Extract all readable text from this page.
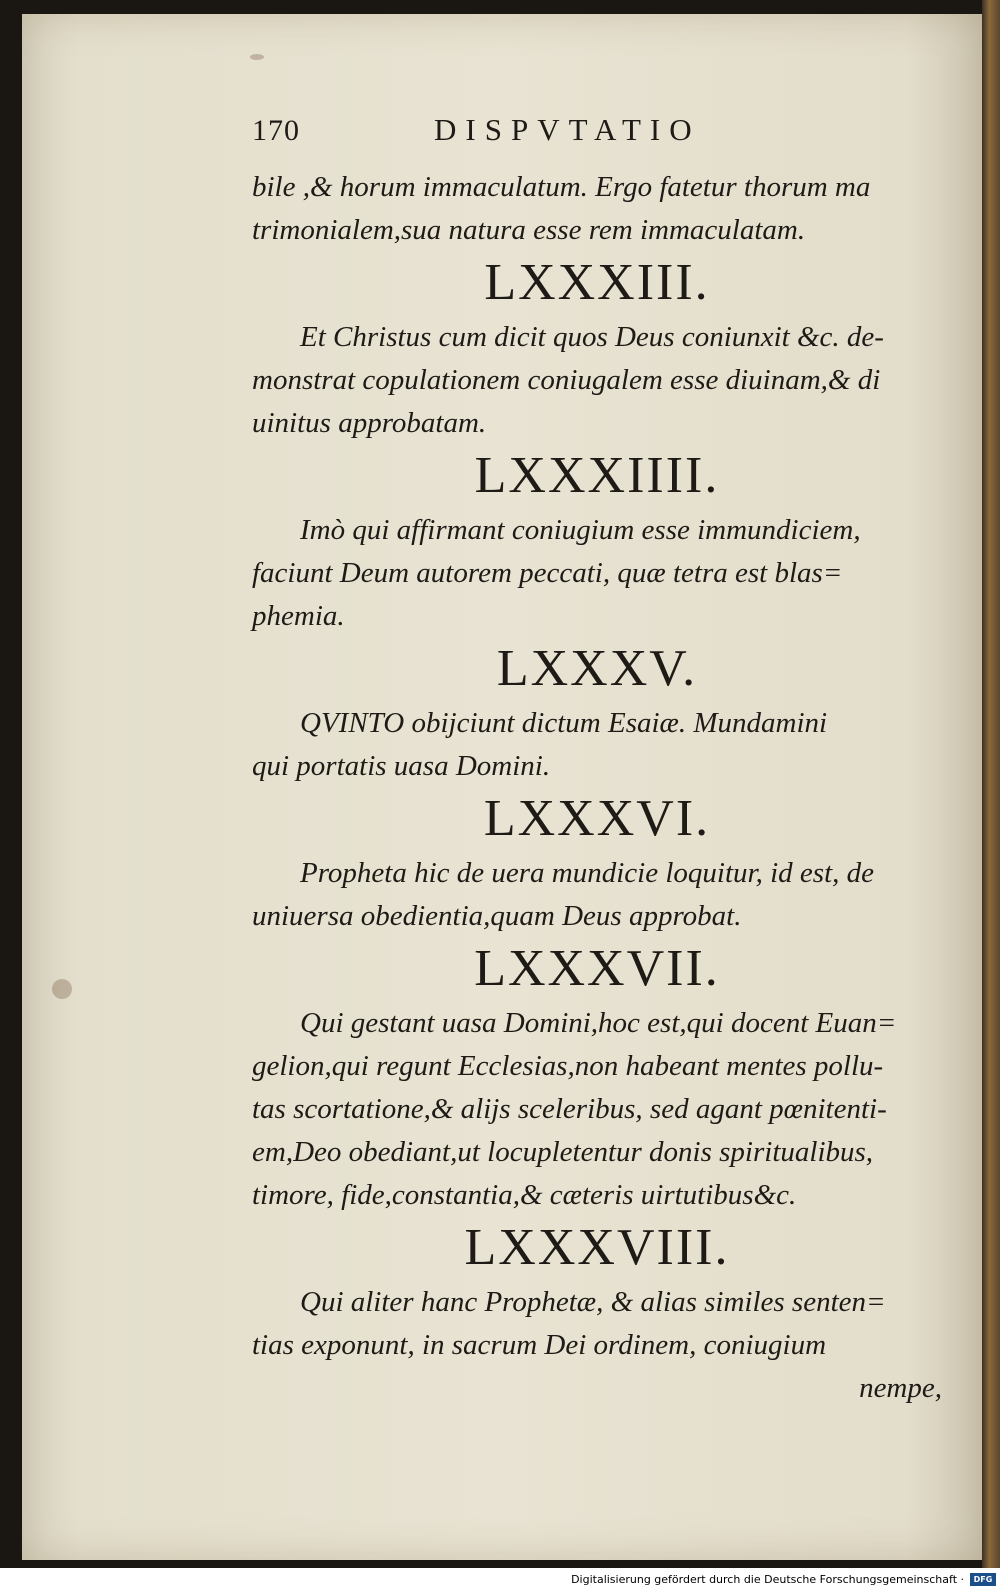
170	DISPVTATIO
bile ,& horum immaculatum. Ergo fatetur thorum ma
trimonialem,sua natura esse rem immaculatam.
LXXXIII.
Et Christus cum dicit quos Deus coniunxit &c. de-
monstrat copulationem coniugalem esse diuinam,& di
uinitus approbatam.
LXXXIIII.
Imò qui affirmant coniugium esse immundiciem,
faciunt Deum autorem peccati, quæ tetra est blas=
phemia.
LXXXV.
QVINTO obijciunt dictum Esaiæ. Mundamini
qui portatis uasa Domini.
LXXXVI.
Propheta hic de uera mundicie loquitur, id est, de
uniuersa obedientia,quam Deus approbat.
LXXXVII.
Qui gestant uasa Domini,hoc est,qui docent Euan=
gelion,qui regunt Ecclesias,non habeant mentes pollu-
tas scortatione,& alijs sceleribus, sed agant pœnitenti-
em,Deo obediant,ut locupletentur donis spiritualibus,
timore, fide,constantia,& cæteris uirtutibus&c.
LXXXVIII.
Qui aliter hanc Prophetæ, & alias similes senten=
tias exponunt, in sacrum Dei ordinem, coniugium
nempe,
Digitalisierung gefördert durch die Deutsche Forschungsgemeinschaft ·	DFG
